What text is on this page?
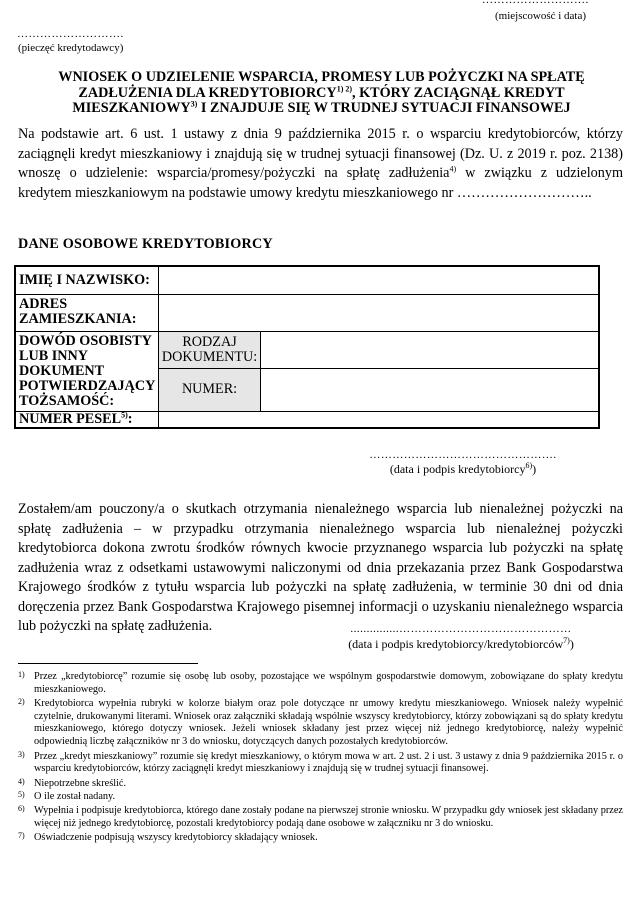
……………………….
(miejscowość i data)
……………………….
(pieczęć kredytodawcy)
WNIOSEK O UDZIELENIE WSPARCIA, PROMESY LUB POŻYCZKI NA SPŁATĘ
ZADŁUŻENIA DLA $KREDYTOBIORCY^{1) 2)}$, KTÓRY ZACIĄGNĄŁ KREDYT
MIESZKANIOWY$^{3)}$ I ZNAJDUJE SIĘ W TRUDNEJ SYTUACJI FINANSOWEJ
Na podstawie art. 6 ust. 1 ustawy z dnia 9 października 2015 r. o wsparciu kredytobiorców, którzy zaciągnęli kredyt mieszkaniowy i znajdują się w trudnej sytuacji finansowej (Dz. U. z 2019 r. poz. 2138) wnoszę o udzielenie: wsparcia/promesy/pożyczki na spłatę zadłużenia$^{4)}$ w związku z udzielonym kredytem mieszkaniowym na podstawie umowy kredytu mieszkaniowego nr ………………………..
DANE OSOBOWE KREDYTOBIORCY
IMIĘ I NAZWISKO:		
ADRES ZAMIESZKANIA:		
DOWÓD OSOBISTY LUB INNY DOKUMENT POTWIERDZAJĄCY TOŻSAMOŚĆ:	RODZAJ DOKUMENTU:	
	NUMER:	
NUMER PESEL$^{5)}$:		
………………………………………….
(data i podpis kredytobiorcy$^{6)}$)
Zostałem/am pouczony/a o skutkach otrzymania nienależnego wsparcia lub nienależnej pożyczki na spłatę zadłużenia – w przypadku otrzymania nienależnego wsparcia lub nienależnej pożyczki kredytobiorca dokona zwrotu środków równych kwocie przyznanego wsparcia lub pożyczki na spłatę zadłużenia wraz z odsetkami ustawowymi naliczonymi od dnia przekazania przez Bank Gospodarstwa Krajowego środków z tytułu wsparcia lub pożyczki na spłatę zadłużenia, w terminie 30 dni od dnia doręczenia przez Bank Gospodarstwa Krajowego pisemnej informacji o uzyskaniu nienależnego wsparcia lub pożyczki na spłatę zadłużenia.	...............………………………………………
(data i podpis kredytobiorcy/kredytobiorców$^{7)}$)
1) Przez „kredytobiorcę” rozumie się osobę lub osoby, pozostające we wspólnym gospodarstwie domowym, zobowiązane do spłaty kredytu mieszkaniowego.
2) Kredytobiorca wypełnia rubryki w kolorze białym oraz pole dotyczące nr umowy kredytu mieszkaniowego. Wniosek należy wypełnić czytelnie, drukowanymi literami. Wniosek oraz załączniki składają wspólnie wszyscy kredytobiorcy, którzy zobowiązani są do spłaty kredytu mieszkaniowego, którego dotyczy wniosek. Jeżeli wniosek składany jest przez więcej niż jednego kredytobiorcę, należy wypełnić odpowiednią liczbę załączników nr 3 do wniosku, dotyczących danych pozostałych kredytobiorców.
3) Przez „kredyt mieszkaniowy” rozumie się kredyt mieszkaniowy, o którym mowa w art. 2 ust. 2 i ust. 3 ustawy z dnia 9 października 2015 r. o wsparciu kredytobiorców, którzy zaciągnęli kredyt mieszkaniowy i znajdują się w trudnej sytuacji finansowej.
4) Niepotrzebne skreślić.
5) O ile został nadany.
6) Wypełnia i podpisuje kredytobiorca, którego dane zostały podane na pierwszej stronie wniosku. W przypadku gdy wniosek jest składany przez więcej niż jednego kredytobiorcę, pozostali kredytobiorcy podają dane osobowe w załączniku nr 3 do wniosku.
7) Oświadczenie podpisują wszyscy kredytobiorcy składający wniosek.
